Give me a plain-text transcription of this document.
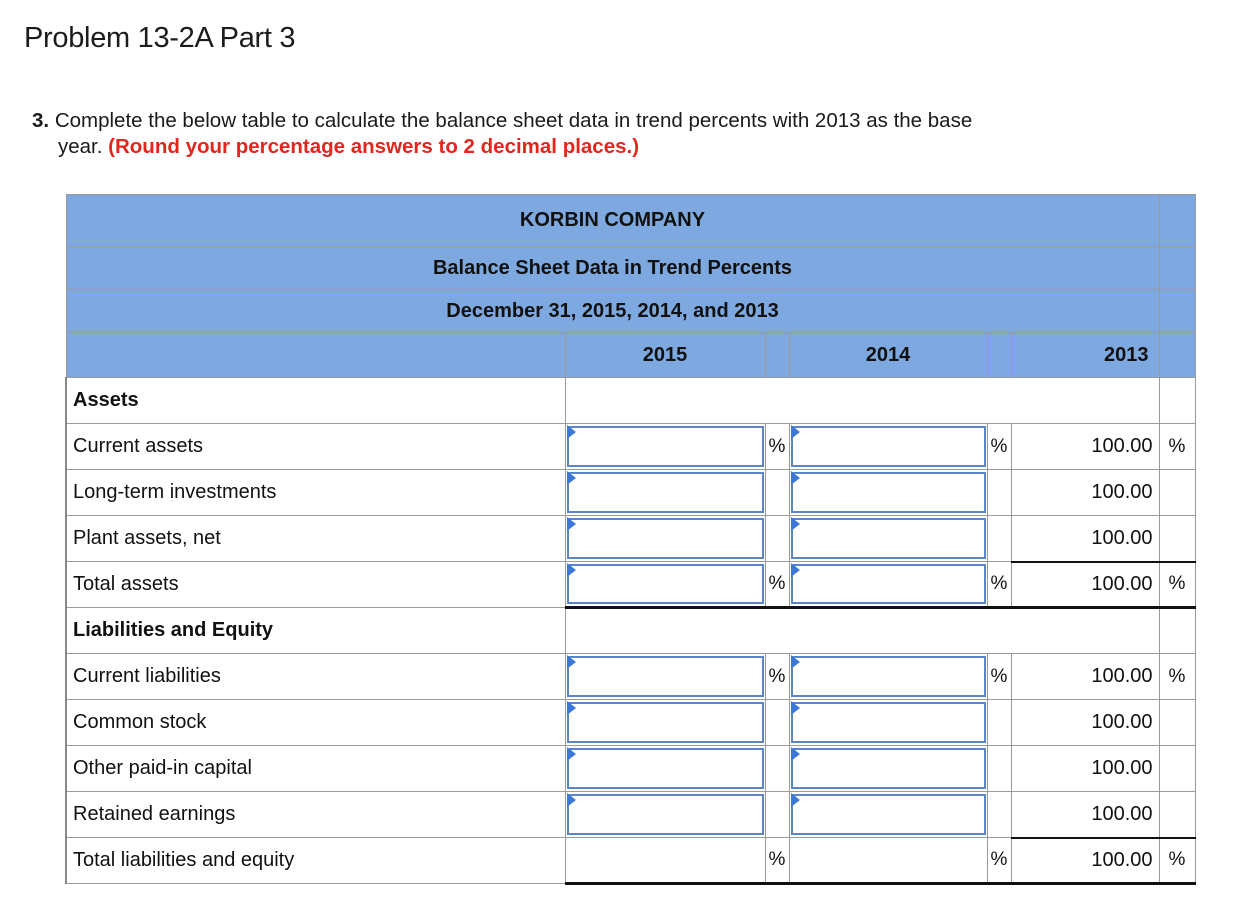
Problem 13-2A Part 3
3. Complete the below table to calculate the balance sheet data in trend percents with 2013 as the base
year. (Round your percentage answers to 2 decimal places.)
KORBIN COMPANY						
Balance Sheet Data in Trend Percents						
December 31, 2015, 2014, and 2013						
	2015		2014		2013	
Assets						
Current assets		%		%	100.00	%
Long-term investments					100.00	
Plant assets, net					100.00	
Total assets		%		%	100.00	%
Liabilities and Equity						
Current liabilities		%		%	100.00	%
Common stock					100.00	
Other paid-in capital					100.00	
Retained earnings					100.00	
Total liabilities and equity		%		%	100.00	%
